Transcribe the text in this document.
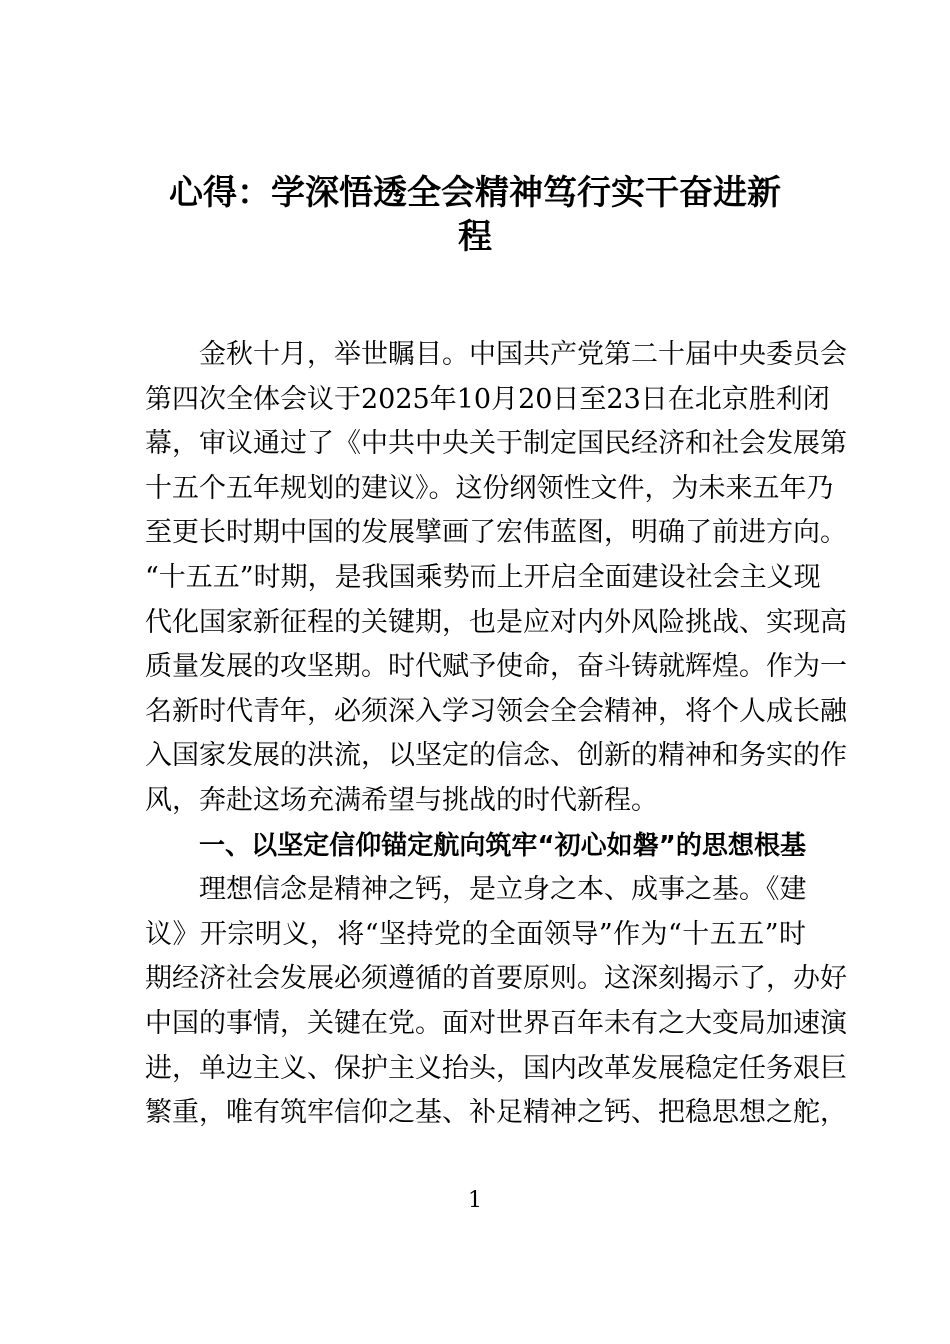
心得：学深悟透全会精神笃行实干奋进新
程
金秋十月，举世瞩目。中国共产党第二十届中央委员会
第四次全体会议于2025年10月20日至23日在北京胜利闭
幕，审议通过了《中共中央关于制定国民经济和社会发展第
十五个五年规划的建议》。这份纲领性文件，为未来五年乃
至更长时期中国的发展擘画了宏伟蓝图，明确了前进方向。
“十五五”时期，是我国乘势而上开启全面建设社会主义现
代化国家新征程的关键期，也是应对内外风险挑战、实现高
质量发展的攻坚期。时代赋予使命，奋斗铸就辉煌。作为一
名新时代青年，必须深入学习领会全会精神，将个人成长融
入国家发展的洪流，以坚定的信念、创新的精神和务实的作
风，奔赴这场充满希望与挑战的时代新程。
一、以坚定信仰锚定航向筑牢“初心如磐”的思想根基
理想信念是精神之钙，是立身之本、成事之基。《建
议》开宗明义，将“坚持党的全面领导”作为“十五五”时
期经济社会发展必须遵循的首要原则。这深刻揭示了，办好
中国的事情，关键在党。面对世界百年未有之大变局加速演
进，单边主义、保护主义抬头，国内改革发展稳定任务艰巨
繁重，唯有筑牢信仰之基、补足精神之钙、把稳思想之舵，
1
